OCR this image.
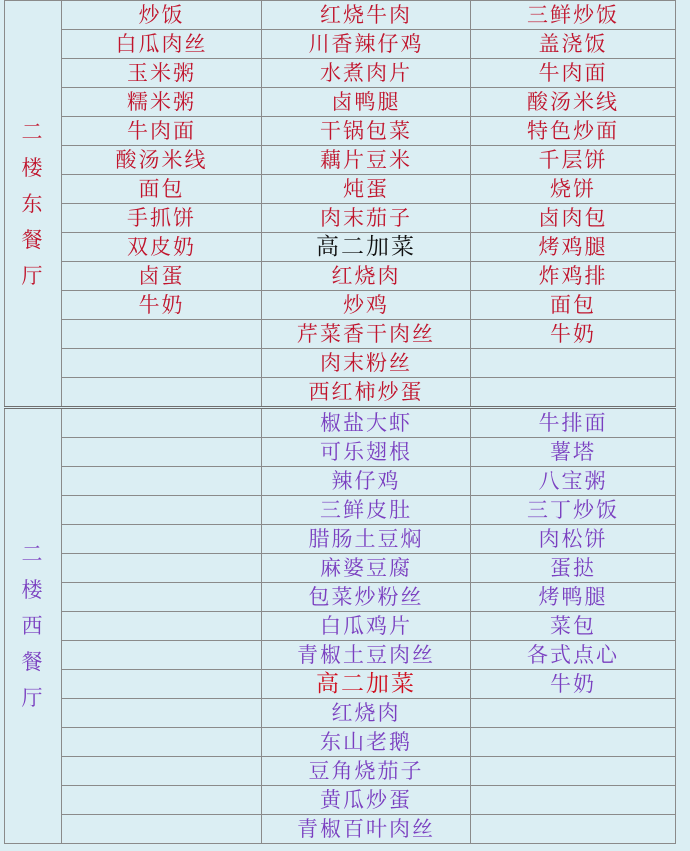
二
楼
东
餐
厅	炒饭	红烧牛肉	三鲜炒饭
	白瓜肉丝	川香辣仔鸡	盖浇饭
	玉米粥	水煮肉片	牛肉面
	糯米粥	卤鸭腿	酸汤米线
	牛肉面	干锅包菜	特色炒面
	酸汤米线	藕片豆米	千层饼
	面包	炖蛋	烧饼
	手抓饼	肉末茄子	卤肉包
	双皮奶	高二加菜	烤鸡腿
	卤蛋	红烧肉	炸鸡排
	牛奶	炒鸡	面包
		芹菜香干肉丝	牛奶
		肉末粉丝	
		西红柿炒蛋	

二
楼
西
餐
厅		椒盐大虾	牛排面
		可乐翅根	薯塔
		辣仔鸡	八宝粥
		三鲜皮肚	三丁炒饭
		腊肠土豆焖	肉松饼
		麻婆豆腐	蛋挞
		包菜炒粉丝	烤鸭腿
		白瓜鸡片	菜包
		青椒土豆肉丝	各式点心
		高二加菜	牛奶
		红烧肉	
		东山老鹅	
		豆角烧茄子	
		黄瓜炒蛋	
		青椒百叶肉丝	
